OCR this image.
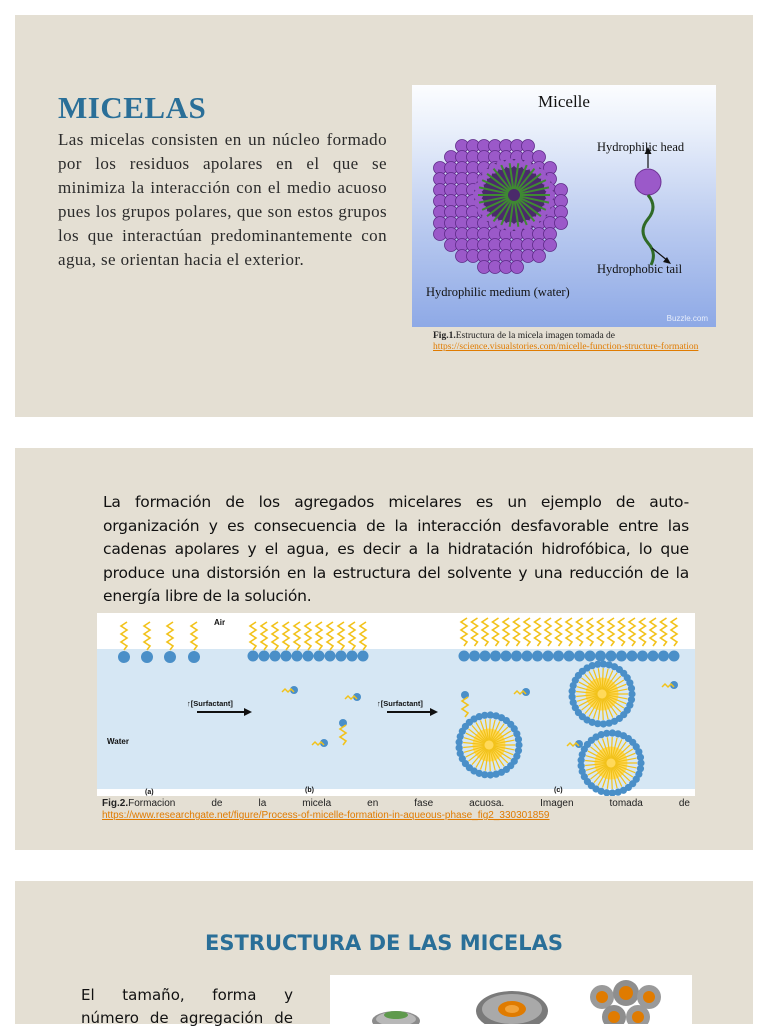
MICELAS

Las micelas consisten en un núcleo formado por los residuos apolares en el que se minimiza la interacción con el medio acuoso pues los grupos polares, que son estos grupos los que interactúan predominantemente con agua, se orientan hacia el exterior.

Micelle
Hydrophilic head
Hydrophobic tail
Hydrophilic medium (water)
Buzzle.com
Fig.1.Estructura de la micela imagen tomada de
https://science.visualstories.com/micelle-function-structure-formation

La formación de los agregados micelares es un ejemplo de auto-organización y es consecuencia de la interacción desfavorable entre las cadenas apolares y el agua, es decir a la hidratación hidrofóbica, lo que produce una distorsión en la estructura del solvente y una reducción de la energía libre de la solución.

Air
Water
↑[Surfactant]	↑[Surfactant]
(a)	(b)	(c)
Fig.2.Formacion	de	la	micela	en	fase	acuosa.	Imagen	tomada	de
https://www.researchgate.net/figure/Process-of-micelle-formation-in-aqueous-phase_fig2_330301859
ESTRUCTURA DE LAS MICELAS
El tamaño, forma y
número de agregación de
